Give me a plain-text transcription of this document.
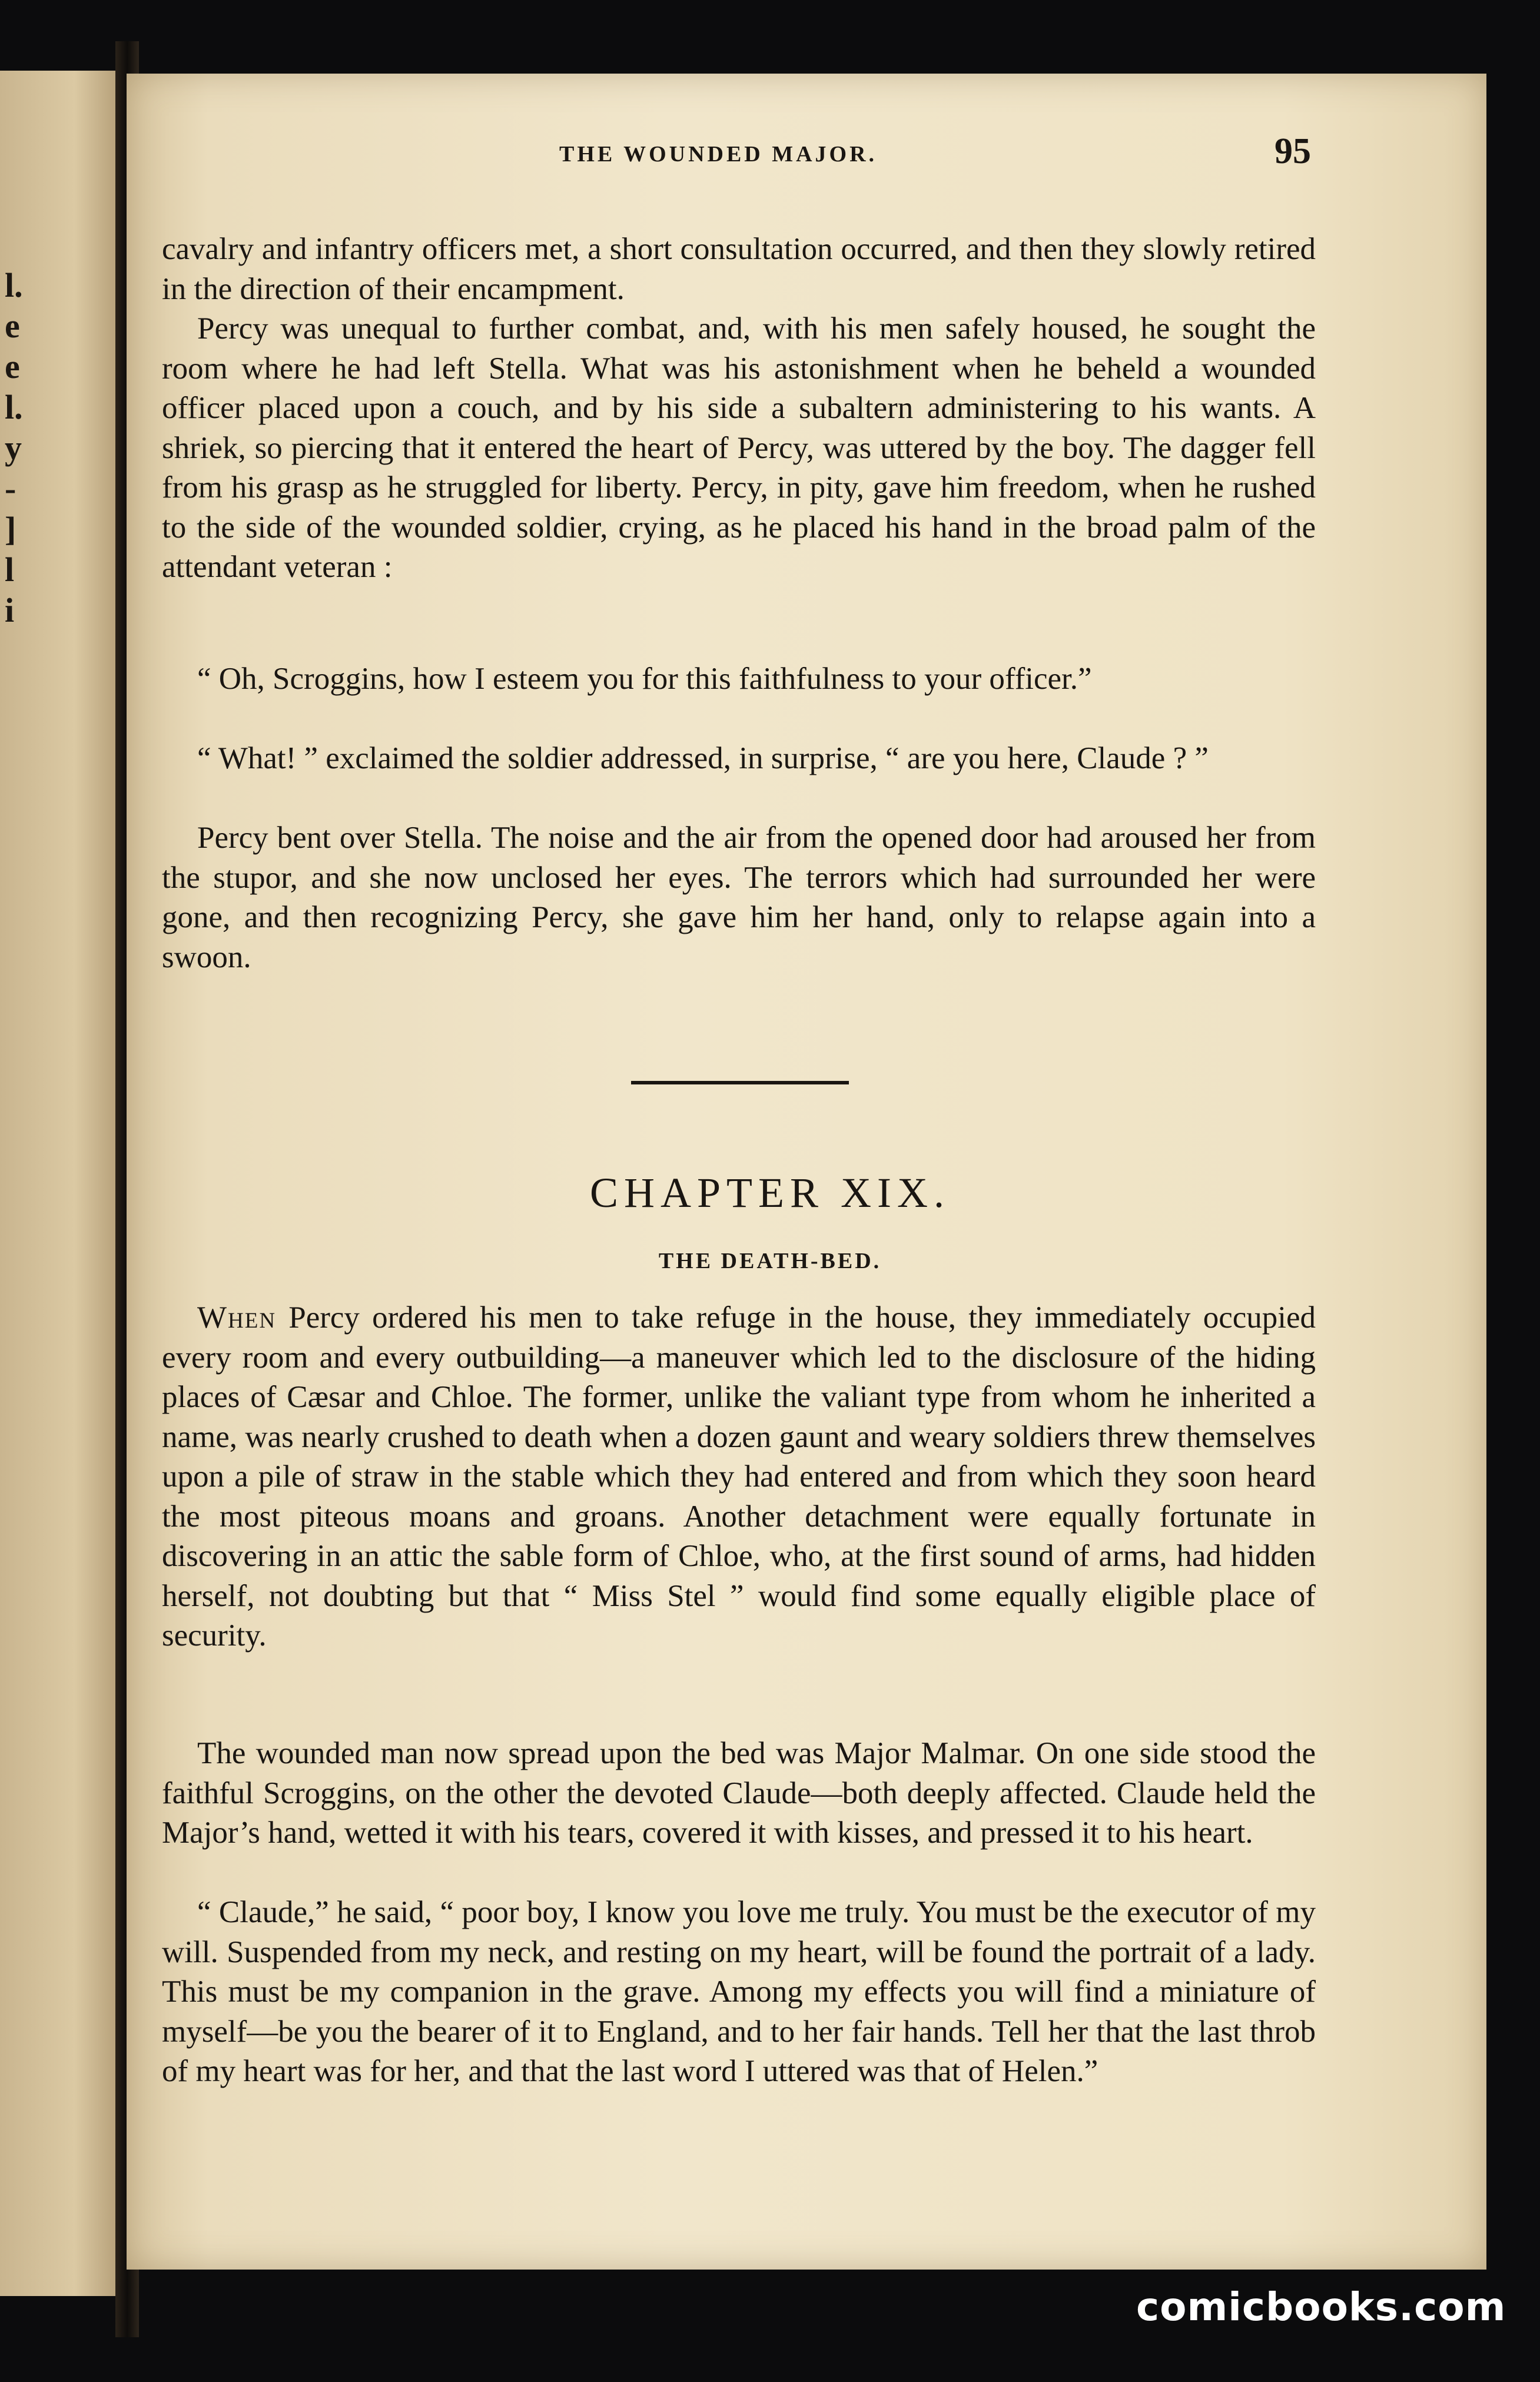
l.
e
e
l.
y
-
]
l
i
THE WOUNDED MAJOR.	95
cavalry and infantry officers met, a short consultation occurred, and then they slowly retired in the direction of their encampment.
Percy was unequal to further combat, and, with his men safely housed, he sought the room where he had left Stella. What was his astonishment when he beheld a wounded officer placed upon a couch, and by his side a subaltern administering to his wants. A shriek, so piercing that it entered the heart of Percy, was uttered by the boy. The dagger fell from his grasp as he struggled for liberty. Percy, in pity, gave him freedom, when he rushed to the side of the wounded soldier, crying, as he placed his hand in the broad palm of the attendant veteran :
“ Oh, Scroggins, how I esteem you for this faithfulness to your officer.”
“ What! ” exclaimed the soldier addressed, in surprise, “ are you here, Claude ? ”
Percy bent over Stella. The noise and the air from the opened door had aroused her from the stupor, and she now unclosed her eyes. The terrors which had surrounded her were gone, and then recognizing Percy, she gave him her hand, only to relapse again into a swoon.
CHAPTER XIX.
THE DEATH-BED.
When Percy ordered his men to take refuge in the house, they immediately occupied every room and every outbuilding—a maneuver which led to the disclosure of the hiding places of Cæsar and Chloe. The former, unlike the valiant type from whom he inherited a name, was nearly crushed to death when a dozen gaunt and weary soldiers threw themselves upon a pile of straw in the stable which they had entered and from which they soon heard the most piteous moans and groans. Another detachment were equally fortunate in discovering in an attic the sable form of Chloe, who, at the first sound of arms, had hidden herself, not doubting but that “ Miss Stel ” would find some equally eligible place of security.
The wounded man now spread upon the bed was Major Malmar. On one side stood the faithful Scroggins, on the other the devoted Claude—both deeply affected. Claude held the Major’s hand, wetted it with his tears, covered it with kisses, and pressed it to his heart.
“ Claude,” he said, “ poor boy, I know you love me truly. You must be the executor of my will. Suspended from my neck, and resting on my heart, will be found the portrait of a lady. This must be my companion in the grave. Among my effects you will find a miniature of myself—be you the bearer of it to England, and to her fair hands. Tell her that the last throb of my heart was for her, and that the last word I uttered was that of Helen.”
comicbooks.com
